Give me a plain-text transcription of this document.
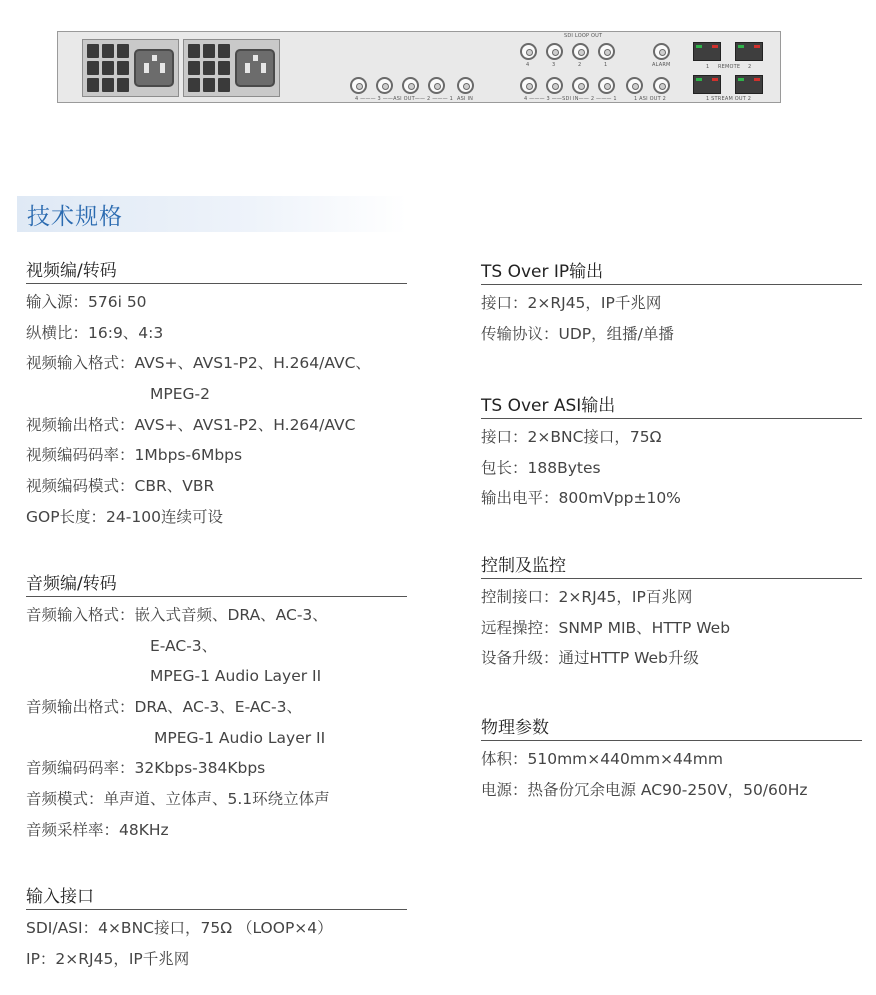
4 ——— 3 ——ASI OUT—— 2 ——— 1 ASI IN
SDI LOOP OUT
4	3	2	1	ALARM
4 ——— 3 ——SDI IN—— 2 ——— 1	1 ASI OUT 2
1 REMOTE 2
1 STREAM OUT 2
技术规格
视频编/转码
输入源：576i 50
纵横比：16:9、4:3
视频输入格式：AVS+、AVS1-P2、H.264/AVC、
MPEG-2
视频输出格式：AVS+、AVS1-P2、H.264/AVC
视频编码码率：1Mbps-6Mbps
视频编码模式：CBR、VBR
GOP长度：24-100连续可设
音频编/转码
音频输入格式：嵌入式音频、DRA、AC-3、
E-AC-3、
MPEG-1 Audio Layer II
音频输出格式：DRA、AC-3、E-AC-3、
MPEG-1 Audio Layer II
音频编码码率：32Kbps-384Kbps
音频模式：单声道、立体声、5.1环绕立体声
音频采样率：48KHz
输入接口
SDI/ASI：4×BNC接口，75Ω （LOOP×4）
IP：2×RJ45，IP千兆网
TS Over IP输出
接口：2×RJ45，IP千兆网
传输协议：UDP，组播/单播
TS Over ASI输出
接口：2×BNC接口，75Ω
包长：188Bytes
输出电平：800mVpp±10%
控制及监控
控制接口：2×RJ45，IP百兆网
远程操控：SNMP MIB、HTTP Web
设备升级：通过HTTP Web升级
物理参数
体积：510mm×440mm×44mm
电源：热备份冗余电源 AC90-250V，50/60Hz
